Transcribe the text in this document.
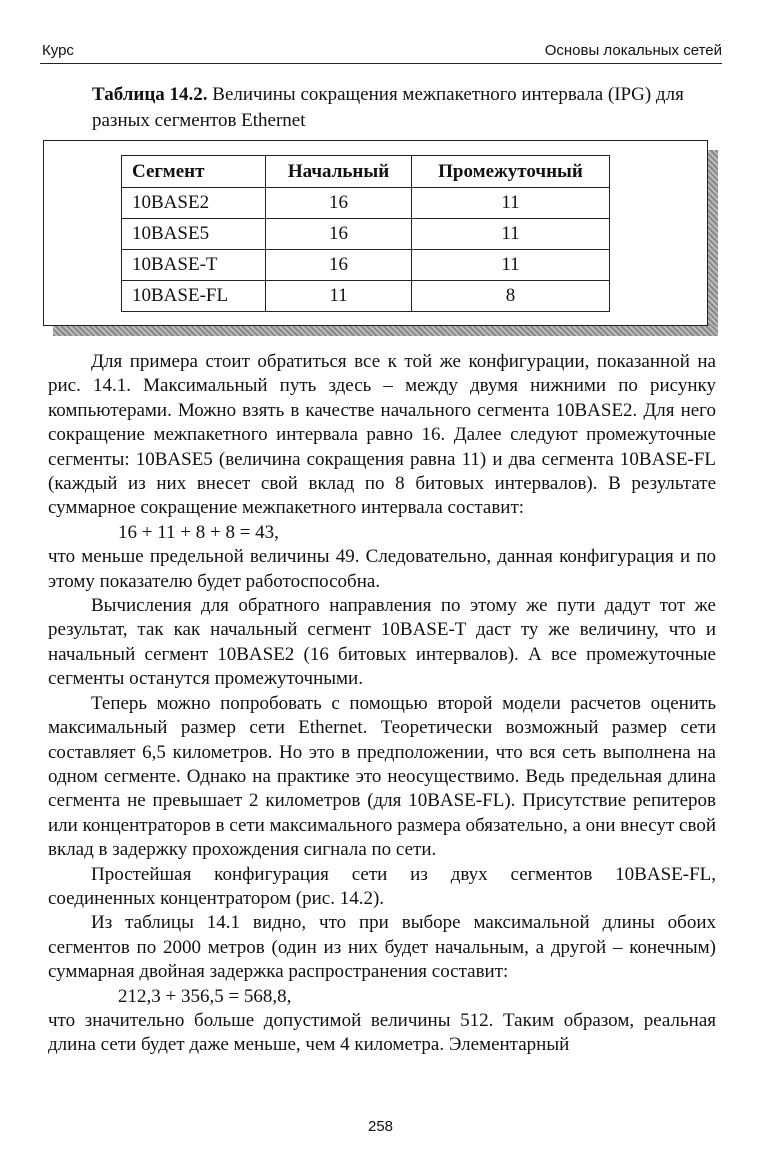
Курс	Основы локальных сетей
Таблица 14.2. Величины сокращения межпакетного интервала (IPG) для разных сегментов Ethernet
Сегмент	Начальный	Промежуточный
10BASE2	16	11
10BASE5	16	11
10BASE-T	16	11
10BASE-FL	11	8

Для примера стоит обратиться все к той же конфигурации, показанной на рис. 14.1. Максимальный путь здесь – между двумя нижними по рисунку компьютерами. Можно взять в качестве начального сегмента 10BASE2. Для него сокращение межпакетного интервала равно 16. Далее следуют промежуточные сегменты: 10BASE5 (величина сокращения равна 11) и два сегмента 10BASE-FL (каждый из них внесет свой вклад по 8 битовых интервалов). В результате суммарное сокращение межпакетного интервала составит:

16 + 11 + 8 + 8 = 43,

что меньше предельной величины 49. Следовательно, данная конфигурация и по этому показателю будет работоспособна.

Вычисления для обратного направления по этому же пути дадут тот же результат, так как начальный сегмент 10BASE-T даст ту же величину, что и начальный сегмент 10BASE2 (16 битовых интервалов). А все промежуточные сегменты останутся промежуточными.

Теперь можно попробовать с помощью второй модели расчетов оценить максимальный размер сети Ethernet. Теоретически возможный размер сети составляет 6,5 километров. Но это в предположении, что вся сеть выполнена на одном сегменте. Однако на практике это неосуществимо. Ведь предельная длина сегмента не превышает 2 километров (для 10BASE-FL). Присутствие репитеров или концентраторов в сети максимального размера обязательно, а они внесут свой вклад в задержку прохождения сигнала по сети.

Простейшая конфигурация сети из двух сегментов 10BASE-FL, соединенных концентратором (рис. 14.2).

Из таблицы 14.1 видно, что при выборе максимальной длины обоих сегментов по 2000 метров (один из них будет начальным, а другой – конечным) суммарная двойная задержка распространения составит:

212,3 + 356,5 = 568,8,

что значительно больше допустимой величины 512. Таким образом, реальная длина сети будет даже меньше, чем 4 километра. Элементарный

258
